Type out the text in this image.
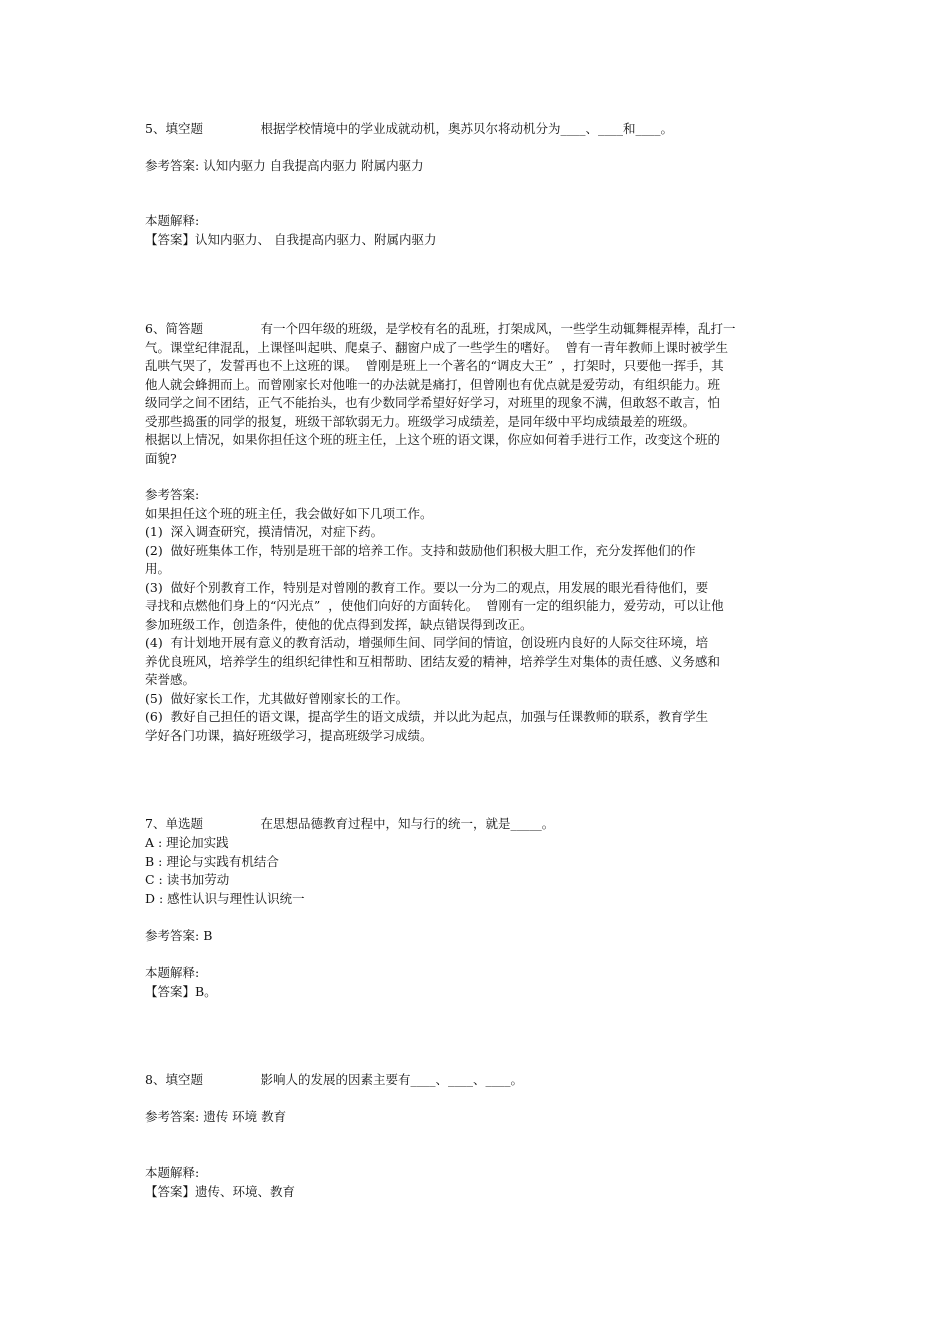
5、填空题	根据学校情境中的学业成就动机，奥苏贝尔将动机分为____、____和____。
参考答案: 认知内驱力 自我提高内驱力 附属内驱力
本题解释:
【答案】认知内驱力、 自我提高内驱力、附属内驱力
6、简答题	有一个四年级的班级，是学校有名的乱班，打架成风，一些学生动辄舞棍弄棒，乱打一
气。课堂纪律混乱，上课怪叫起哄、爬桌子、翻窗户成了一些学生的嗜好。  曾有一青年教师上课时被学生
乱哄气哭了，发誓再也不上这班的课。  曾刚是班上一个著名的“调皮大王”  ，打架时，只要他一挥手，其
他人就会蜂拥而上。而曾刚家长对他唯一的办法就是痛打，但曾刚也有优点就是爱劳动，有组织能力。班
级同学之间不团结，正气不能抬头，也有少数同学希望好好学习，对班里的现象不满，但敢怒不敢言，怕
受那些捣蛋的同学的报复，班级干部软弱无力。班级学习成绩差，是同年级中平均成绩最差的班级。
根据以上情况，如果你担任这个班的班主任，上这个班的语文课，你应如何着手进行工作，改变这个班的
面貌?
参考答案:
如果担任这个班的班主任，我会做好如下几项工作。
(1)  深入调查研究，摸清情况，对症下药。
(2)  做好班集体工作，特别是班干部的培养工作。支持和鼓励他们积极大胆工作，充分发挥他们的作
用。
(3)  做好个别教育工作，特别是对曾刚的教育工作。要以一分为二的观点，用发展的眼光看待他们，要
寻找和点燃他们身上的“闪光点”  ，使他们向好的方面转化。  曾刚有一定的组织能力，爱劳动，可以让他
参加班级工作，创造条件，使他的优点得到发挥，缺点错误得到改正。
(4)  有计划地开展有意义的教育活动，增强师生间、同学间的情谊，创设班内良好的人际交往环境，培
养优良班风，培养学生的组织纪律性和互相帮助、团结友爱的精神，培养学生对集体的责任感、义务感和
荣誉感。
(5)  做好家长工作，尤其做好曾刚家长的工作。
(6)  教好自己担任的语文课，提高学生的语文成绩，并以此为起点，加强与任课教师的联系，教育学生
学好各门功课，搞好班级学习，提高班级学习成绩。
7、单选题	在思想品德教育过程中，知与行的统一，就是_____。
A : 理论加实践
B : 理论与实践有机结合
C : 读书加劳动
D : 感性认识与理性认识统一
参考答案: B
本题解释:
【答案】B。
8、填空题	影响人的发展的因素主要有____、____、____。
参考答案: 遗传 环境 教育
本题解释:
【答案】遗传、环境、教育
